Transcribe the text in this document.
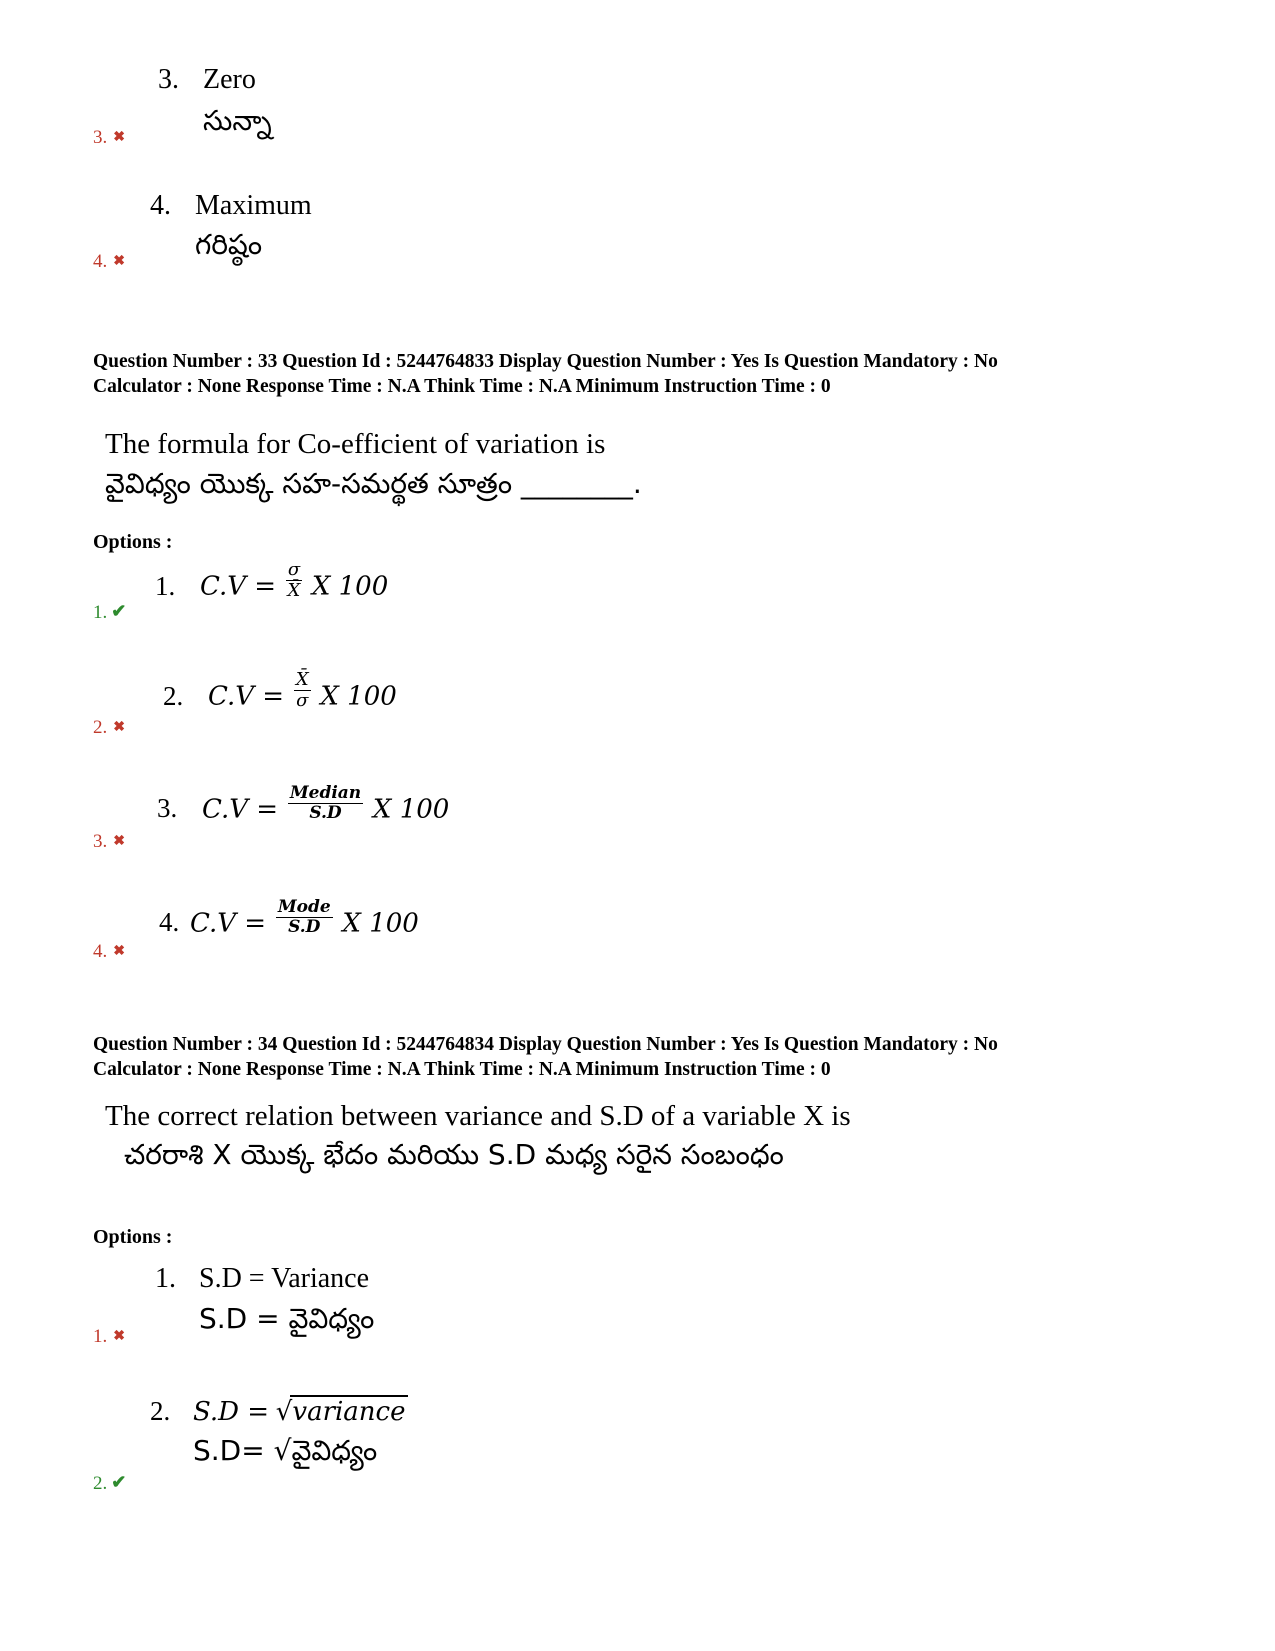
3. Zero
సున్నా
3. ✖
4. Maximum
గరిష్ఠం
4. ✖
Question Number : 33 Question Id : 5244764833 Display Question Number : Yes Is Question Mandatory : No
Calculator : None Response Time : N.A Think Time : N.A Minimum Instruction Time : 0
The formula for Co-efficient of variation is
వైవిధ్యం యొక్క సహ-సమర్థత సూత్రం ________.
Options :
1. $C.V = \frac{\sigma}{X̄}$ X 100
1. ✔
2. $C.V = \frac{X̄}{\sigma}$ X 100
2. ✖
3. $C.V = \frac{\text{Median}}{S.D}$ X 100
3. ✖
4. $C.V = \frac{\text{Mode}}{S.D}$ X 100
4. ✖
Question Number : 34 Question Id : 5244764834 Display Question Number : Yes Is Question Mandatory : No
Calculator : None Response Time : N.A Think Time : N.A Minimum Instruction Time : 0
The correct relation between variance and S.D of a variable X is
చరరాశి X యొక్క భేదం మరియు S.D మధ్య సరైన సంబంధం
Options :
1. S.D = Variance
S.D = వైవిధ్యం
1. ✖
2. S.D = √variance
S.D= √వైవిధ్యం
2. ✔
